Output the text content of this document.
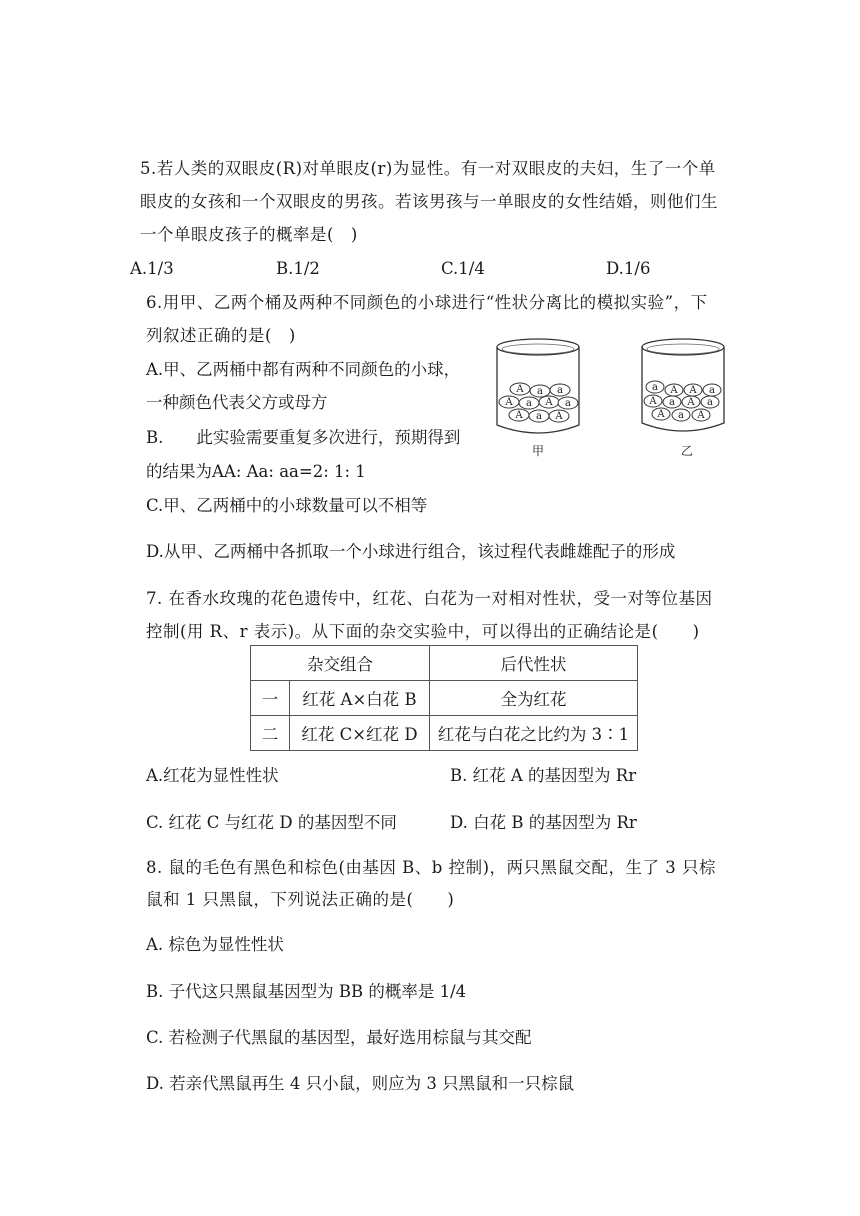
5.若人类的双眼皮(R)对单眼皮(r)为显性。有一对双眼皮的夫妇，生了一个单
眼皮的女孩和一个双眼皮的男孩。若该男孩与一单眼皮的女性结婚，则他们生
一个单眼皮孩子的概率是(　)
A.1/3	B.1/2	C.1/4	D.1/6
6.用甲、乙两个桶及两种不同颜色的小球进行“性状分离比的模拟实验”，下
列叙述正确的是(　)
A.甲、乙两桶中都有两种不同颜色的小球，
一种颜色代表父方或母方
B.　　此实验需要重复多次进行，预期得到
的结果为AA: Aa: aa=2: 1: 1
C.甲、乙两桶中的小球数量可以不相等
D.从甲、乙两桶中各抓取一个小球进行组合，该过程代表雌雄配子的形成
A a a
A a A a
A a A
甲
a A A a
A a A a
A a A
乙
7. 在香水玫瑰的花色遗传中，红花、白花为一对相对性状，受一对等位基因
控制(用 R、r 表示)。从下面的杂交实验中，可以得出的正确结论是(　　)
杂交组合		后代性状
一	红花 A×白花 B	全为红花
二	红花 C×红花 D	红花与白花之比约为 3∶1
A.红花为显性性状	B. 红花 A 的基因型为 Rr
C. 红花 C 与红花 D 的基因型不同	D. 白花 B 的基因型为 Rr
8. 鼠的毛色有黑色和棕色(由基因 B、b 控制)，两只黑鼠交配，生了 3 只棕
鼠和 1 只黑鼠，下列说法正确的是(　　)
A. 棕色为显性性状
B. 子代这只黑鼠基因型为 BB 的概率是 1/4
C. 若检测子代黑鼠的基因型，最好选用棕鼠与其交配
D. 若亲代黑鼠再生 4 只小鼠，则应为 3 只黑鼠和一只棕鼠
